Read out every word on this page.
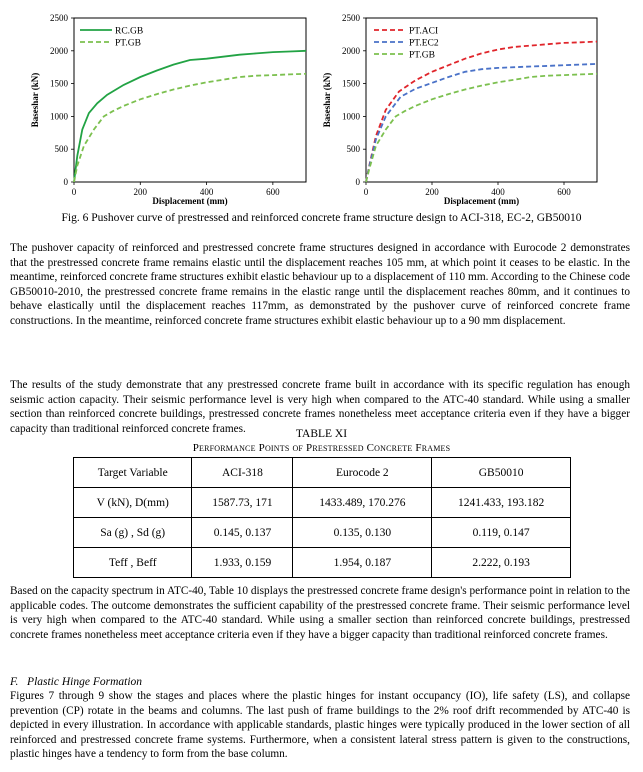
0
500
1000
1500
2000
2500
0	200	400	600
Displacement (mm)
Baseshar (kN)
RC.GB
PT.GB
0
500
1000
1500
2000
2500
0	200	400	600
Displacement (mm)
Baseshar (kN)
PT.ACI
PT.EC2
PT.GB
Fig. 6 Pushover curve of prestressed and reinforced concrete frame structure design to ACI-318, EC-2, GB50010
The pushover capacity of reinforced and prestressed concrete frame structures designed in accordance with Eurocode 2 demonstrates that the prestressed concrete frame remains elastic until the displacement reaches 105 mm, at which point it ceases to be elastic. In the meantime, reinforced concrete frame structures exhibit elastic behaviour up to a displacement of 110 mm. According to the Chinese code GB50010-2010, the prestressed concrete frame remains in the elastic range until the displacement reaches 80mm, and it continues to behave elastically until the displacement reaches 117mm, as demonstrated by the pushover curve of reinforced concrete frame constructions. In the meantime, reinforced concrete frame structures exhibit elastic behaviour up to a 90 mm displacement.
The results of the study demonstrate that any prestressed concrete frame built in accordance with its specific regulation has enough seismic action capacity. Their seismic performance level is very high when compared to the ATC-40 standard. While using a smaller section than reinforced concrete buildings, prestressed concrete frames nonetheless meet acceptance criteria even if they have a bigger capacity than traditional reinforced concrete frames.	TABLE XI
Performance Points of Prestressed Concrete Frames
Target Variable	ACI-318	Eurocode 2	GB50010
V (kN), D(mm)	1587.73, 171	1433.489, 170.276	1241.433, 193.182
Sa (g) , Sd (g)	0.145, 0.137	0.135, 0.130	0.119, 0.147
Teff , Beff	1.933, 0.159	1.954, 0.187	2.222, 0.193
Based on the capacity spectrum in ATC-40, Table 10 displays the prestressed concrete frame design's performance point in relation to the applicable codes. The outcome demonstrates the sufficient capability of the prestressed concrete frame. Their seismic performance level is very high when compared to the ATC-40 standard. While using a smaller section than reinforced concrete buildings, prestressed concrete frames nonetheless meet acceptance criteria even if they have a bigger capacity than traditional reinforced concrete frames.
F. Plastic Hinge Formation
Figures 7 through 9 show the stages and places where the plastic hinges for instant occupancy (IO), life safety (LS), and collapse prevention (CP) rotate in the beams and columns. The last push of frame buildings to the 2% roof drift recommended by ATC-40 is depicted in every illustration. In accordance with applicable standards, plastic hinges were typically produced in the lower section of all reinforced and prestressed concrete frame systems. Furthermore, when a consistent lateral stress pattern is given to the constructions, plastic hinges have a tendency to form from the base column.
